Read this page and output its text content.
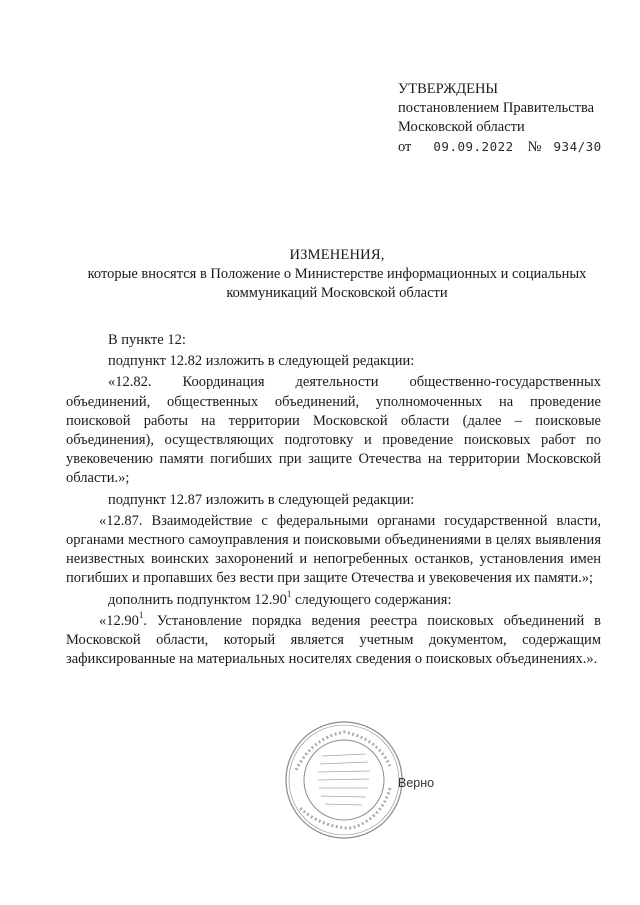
УТВЕРЖДЕНЫ
постановлением Правительства
Московской области
от 09.09.2022 № 934/30
ИЗМЕНЕНИЯ,
которые вносятся в Положение о Министерстве информационных и социальных
коммуникаций Московской области

В пункте 12:

подпункт 12.82 изложить в следующей редакции:

«12.82. Координация деятельности общественно-государственных объединений, общественных объединений, уполномоченных на проведение поисковой работы на территории Московской области (далее – поисковые объединения), осуществляющих подготовку и проведение поисковых работ по увековечению памяти погибших при защите Отечества на территории Московской области.»;

подпункт 12.87 изложить в следующей редакции:

«12.87. Взаимодействие с федеральными органами государственной власти, органами местного самоуправления и поисковыми объединениями в целях выявления неизвестных воинских захоронений и непогребенных останков, установления имен погибших и пропавших без вести при защите Отечества и увековечения их памяти.»;

дополнить подпунктом 12.90$^1$ следующего содержания:

«12.90$^1$. Установление порядка ведения реестра поисковых объединений в Московской области, который является учетным документом, содержащим зафиксированные на материальных носителях сведения о поисковых объединениях.».

Верно
